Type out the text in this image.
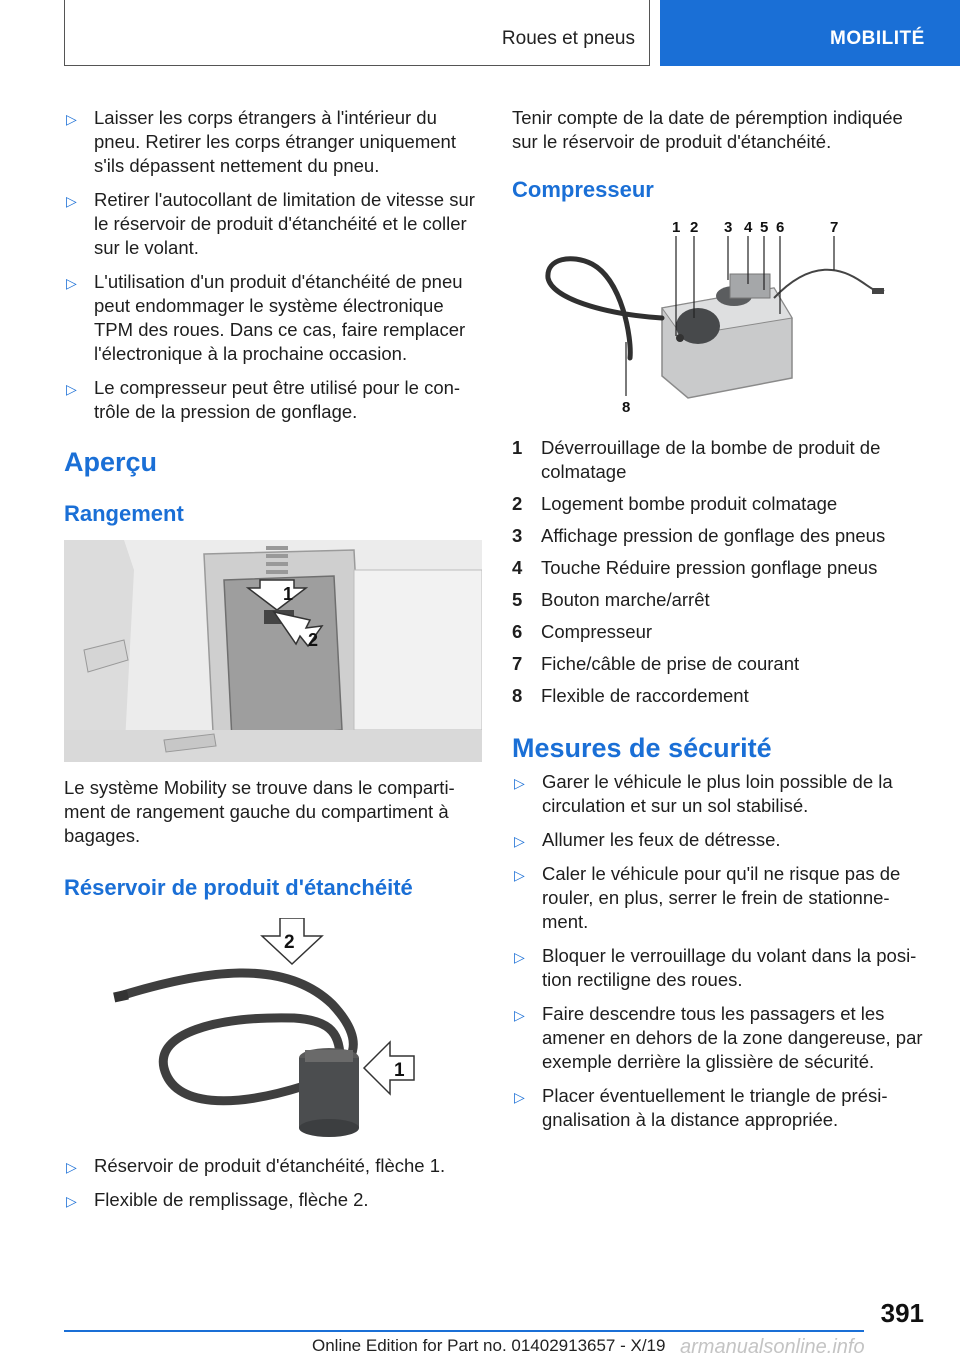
Roues et pneus	MOBILITÉ
▷ Laisser les corps étrangers à l'intérieur du pneu. Retirer les corps étranger uniquement s'ils dépassent nettement du pneu.
▷ Retirer l'autocollant de limitation de vitesse sur le réservoir de produit d'étanchéité et le coller sur le volant.
▷ L'utilisation d'un produit d'étanchéité de pneu peut endommager le système électronique TPM des roues. Dans ce cas, faire remplacer l'électronique à la prochaine occasion.
▷ Le compresseur peut être utilisé pour le con‐trôle de la pression de gonflage.
Aperçu
Rangement
1
2
Le système Mobility se trouve dans le comparti‐ment de rangement gauche du compartiment à bagages.
Réservoir de produit d'étanchéité
2
1
▷ Réservoir de produit d'étanchéité, flèche 1.
▷ Flexible de remplissage, flèche 2.
Tenir compte de la date de péremption indiquée sur le réservoir de produit d'étanchéité.
Compresseur
1 2 3 4 5 6	7
8
1 Déverrouillage de la bombe de produit de colmatage
2 Logement bombe produit colmatage
3 Affichage pression de gonflage des pneus
4 Touche Réduire pression gonflage pneus
5 Bouton marche/arrêt
6 Compresseur
7 Fiche/câble de prise de courant
8 Flexible de raccordement
Mesures de sécurité
▷ Garer le véhicule le plus loin possible de la circulation et sur un sol stabilisé.
▷ Allumer les feux de détresse.
▷ Caler le véhicule pour qu'il ne risque pas de rouler, en plus, serrer le frein de stationne‐ment.
▷ Bloquer le verrouillage du volant dans la posi‐tion rectiligne des roues.
▷ Faire descendre tous les passagers et les amener en dehors de la zone dangereuse, par exemple derrière la glissière de sécurité.
▷ Placer éventuellement le triangle de prési‐gnalisation à la distance appropriée.
391
Online Edition for Part no. 01402913657 - X/19 armanualsonline.info
